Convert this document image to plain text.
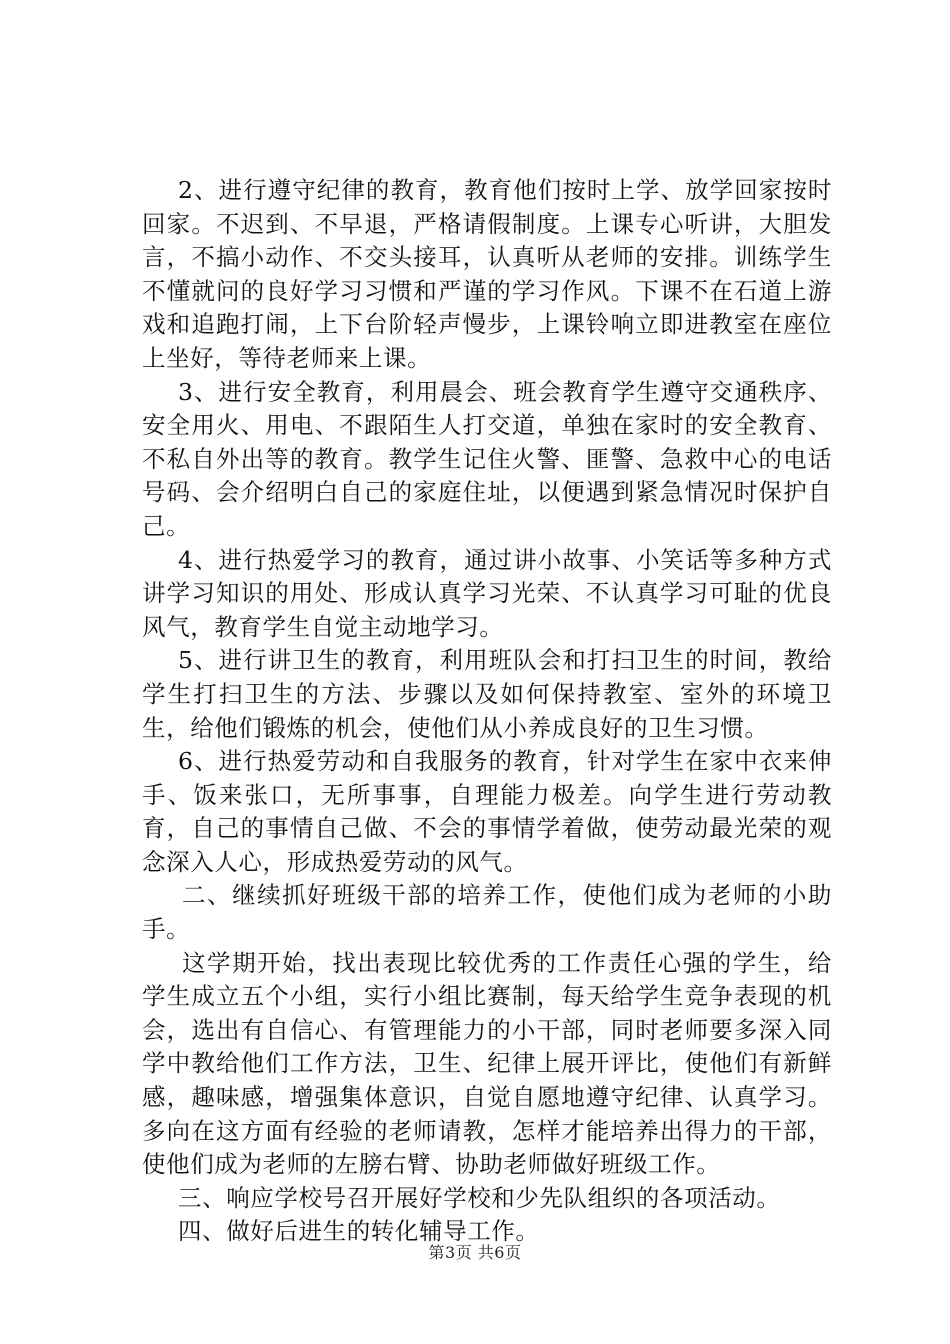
2、进行遵守纪律的教育，教育他们按时上学、放学回家按时回家。不迟到、不早退，严格请假制度。上课专心听讲，大胆发言，不搞小动作、不交头接耳，认真听从老师的安排。训练学生不懂就问的良好学习习惯和严谨的学习作风。下课不在石道上游戏和追跑打闹，上下台阶轻声慢步，上课铃响立即进教室在座位上坐好，等待老师来上课。

3、进行安全教育，利用晨会、班会教育学生遵守交通秩序、安全用火、用电、不跟陌生人打交道，单独在家时的安全教育、不私自外出等的教育。教学生记住火警、匪警、急救中心的电话号码、会介绍明白自己的家庭住址，以便遇到紧急情况时保护自己。

4、进行热爱学习的教育，通过讲小故事、小笑话等多种方式讲学习知识的用处、形成认真学习光荣、不认真学习可耻的优良风气，教育学生自觉主动地学习。

5、进行讲卫生的教育，利用班队会和打扫卫生的时间，教给学生打扫卫生的方法、步骤以及如何保持教室、室外的环境卫生，给他们锻炼的机会，使他们从小养成良好的卫生习惯。

6、进行热爱劳动和自我服务的教育，针对学生在家中衣来伸手、饭来张口，无所事事，自理能力极差。向学生进行劳动教育，自己的事情自己做、不会的事情学着做，使劳动最光荣的观念深入人心，形成热爱劳动的风气。

二、继续抓好班级干部的培养工作，使他们成为老师的小助手。

这学期开始，找出表现比较优秀的工作责任心强的学生，给学生成立五个小组，实行小组比赛制，每天给学生竞争表现的机会，选出有自信心、有管理能力的小干部，同时老师要多深入同学中教给他们工作方法，卫生、纪律上展开评比，使他们有新鲜感，趣味感，增强集体意识，自觉自愿地遵守纪律、认真学习。多向在这方面有经验的老师请教，怎样才能培养出得力的干部，使他们成为老师的左膀右臂、协助老师做好班级工作。

三、响应学校号召开展好学校和少先队组织的各项活动。

四、做好后进生的转化辅导工作。

第3页 共6页
